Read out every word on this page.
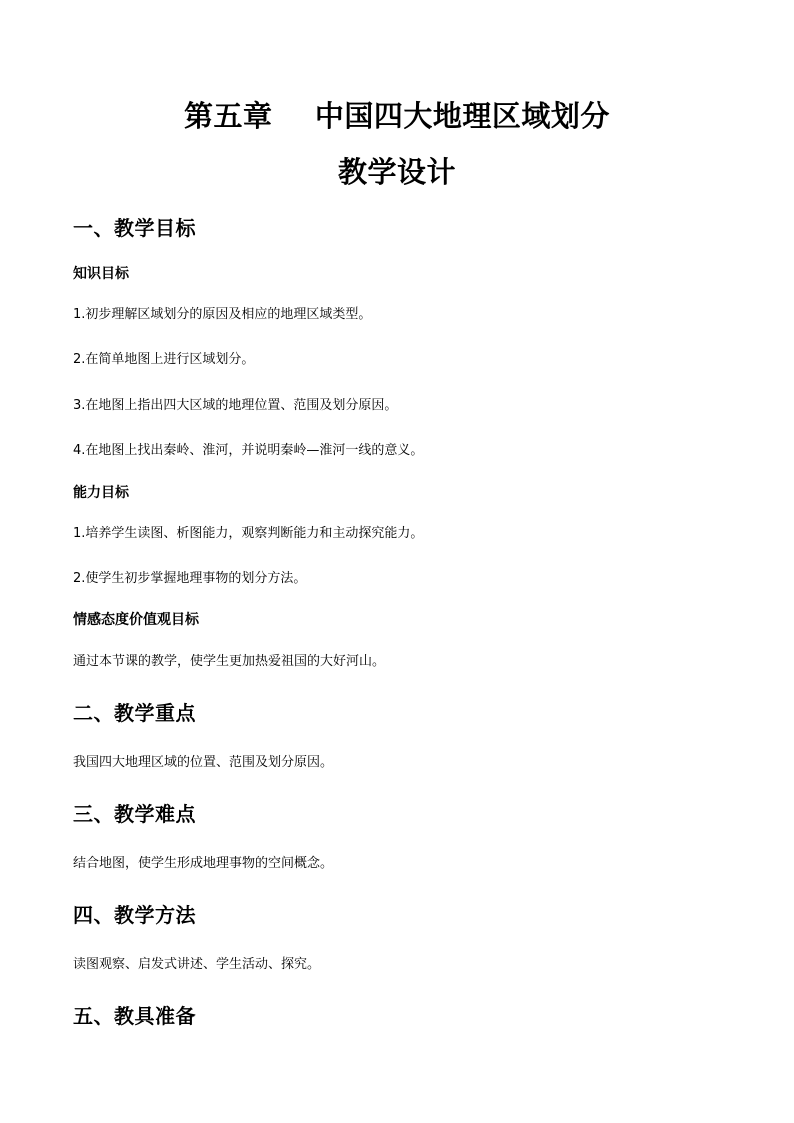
第五章    中国四大地理区域划分
教学设计
一、教学目标
知识目标
1.初步理解区域划分的原因及相应的地理区域类型。
2.在简单地图上进行区域划分。
3.在地图上指出四大区域的地理位置、范围及划分原因。
4.在地图上找出秦岭、淮河，并说明秦岭—淮河一线的意义。
能力目标
1.培养学生读图、析图能力，观察判断能力和主动探究能力。
2.使学生初步掌握地理事物的划分方法。
情感态度价值观目标
通过本节课的教学，使学生更加热爱祖国的大好河山。
二、教学重点
我国四大地理区域的位置、范围及划分原因。
三、教学难点
结合地图，使学生形成地理事物的空间概念。
四、教学方法
读图观察、启发式讲述、学生活动、探究。
五、教具准备
